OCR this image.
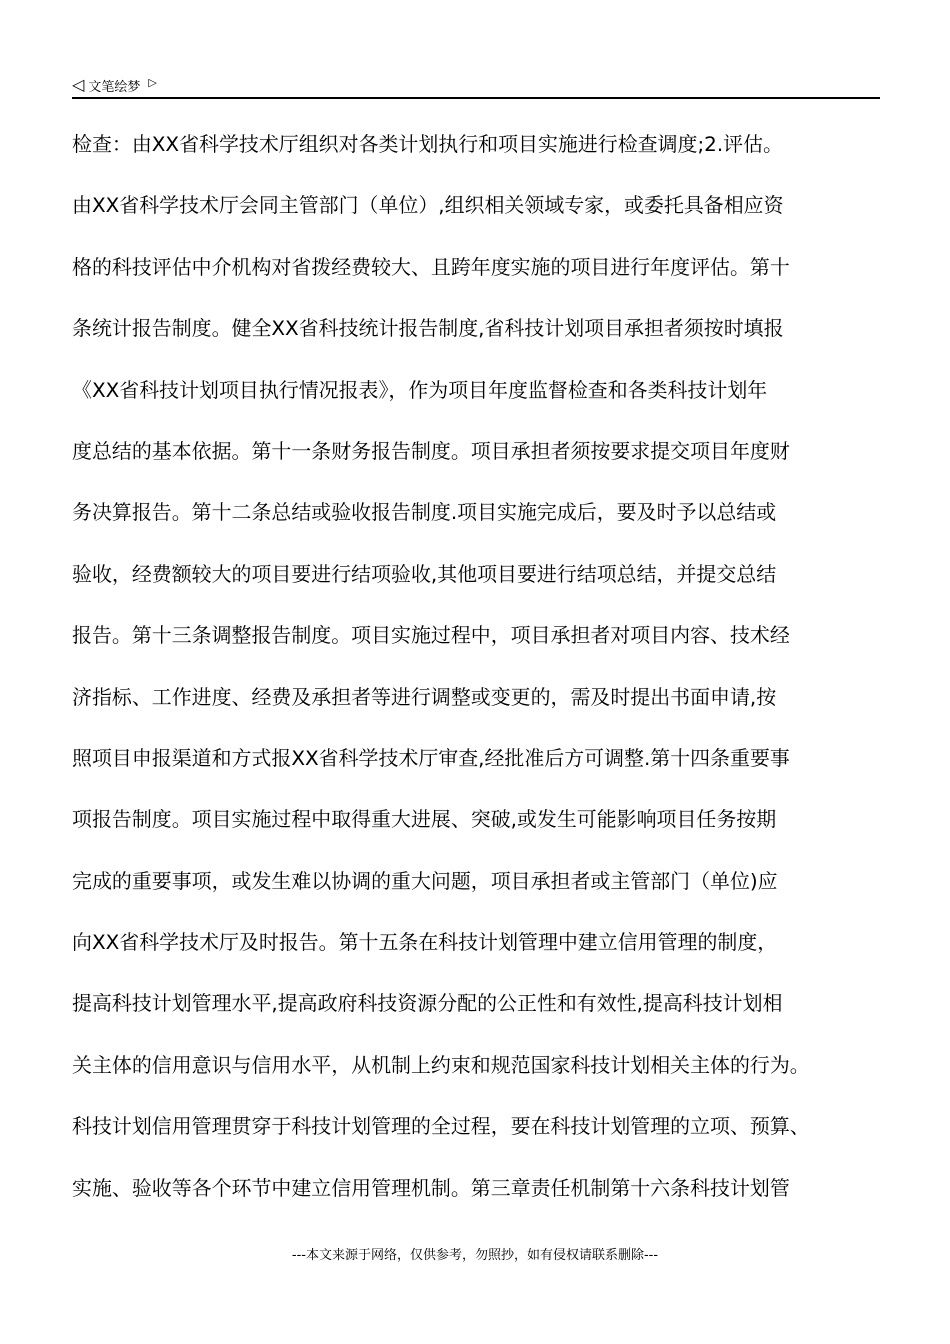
◁ 文笔绘梦 ▷
检查：由XX省科学技术厅组织对各类计划执行和项目实施进行检查调度;2.评估。
由XX省科学技术厅会同主管部门（单位）,组织相关领域专家，或委托具备相应资
格的科技评估中介机构对省拨经费较大、且跨年度实施的项目进行年度评估。第十
条统计报告制度。健全XX省科技统计报告制度,省科技计划项目承担者须按时填报
《XX省科技计划项目执行情况报表》，作为项目年度监督检查和各类科技计划年
度总结的基本依据。第十一条财务报告制度。项目承担者须按要求提交项目年度财
务决算报告。第十二条总结或验收报告制度.项目实施完成后，要及时予以总结或
验收，经费额较大的项目要进行结项验收,其他项目要进行结项总结，并提交总结
报告。第十三条调整报告制度。项目实施过程中，项目承担者对项目内容、技术经
济指标、工作进度、经费及承担者等进行调整或变更的，需及时提出书面申请,按
照项目申报渠道和方式报XX省科学技术厅审查,经批准后方可调整.第十四条重要事
项报告制度。项目实施过程中取得重大进展、突破,或发生可能影响项目任务按期
完成的重要事项，或发生难以协调的重大问题，项目承担者或主管部门（单位)应
向XX省科学技术厅及时报告。第十五条在科技计划管理中建立信用管理的制度，
提高科技计划管理水平,提高政府科技资源分配的公正性和有效性,提高科技计划相
关主体的信用意识与信用水平，从机制上约束和规范国家科技计划相关主体的行为。
科技计划信用管理贯穿于科技计划管理的全过程，要在科技计划管理的立项、预算、
实施、验收等各个环节中建立信用管理机制。第三章责任机制第十六条科技计划管
---本文来源于网络，仅供参考，勿照抄，如有侵权请联系删除---
